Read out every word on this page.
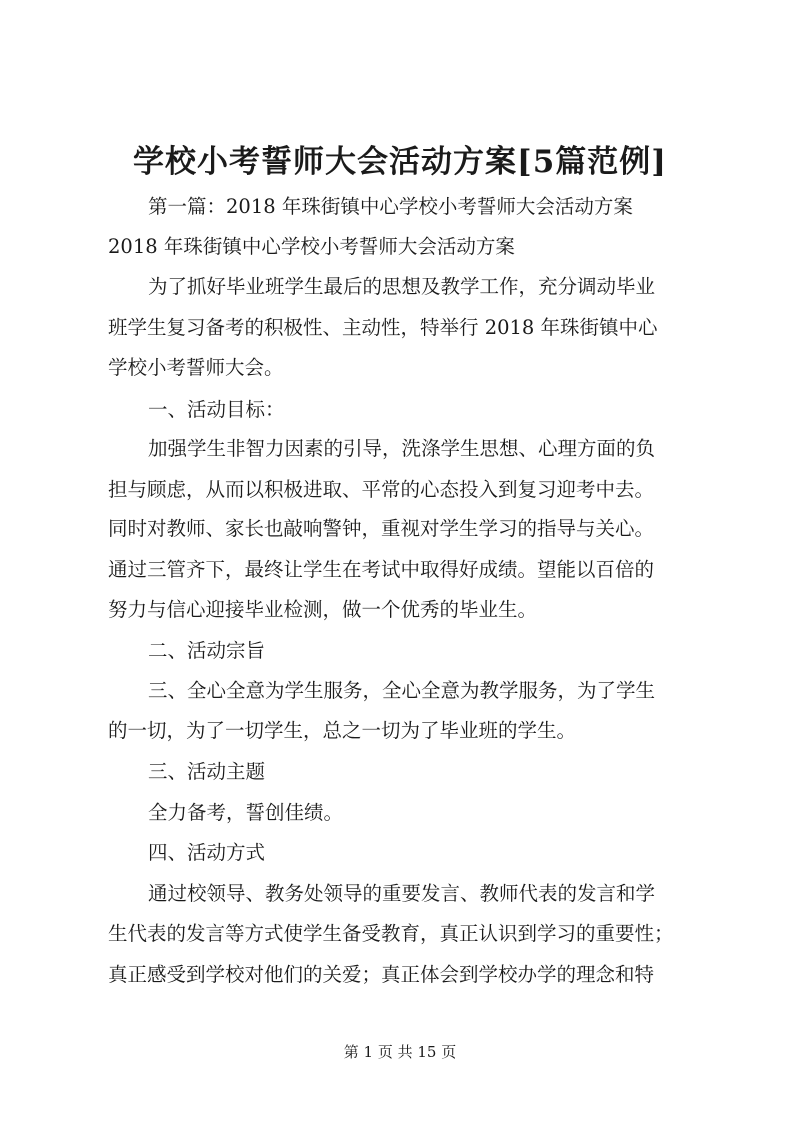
学校小考誓师大会活动方案[5篇范例]
第一篇：2018 年珠街镇中心学校小考誓师大会活动方案
2018 年珠街镇中心学校小考誓师大会活动方案
为了抓好毕业班学生最后的思想及教学工作，充分调动毕业
班学生复习备考的积极性、主动性，特举行 2018 年珠街镇中心
学校小考誓师大会。
一、活动目标：
加强学生非智力因素的引导，洗涤学生思想、心理方面的负
担与顾虑，从而以积极进取、平常的心态投入到复习迎考中去。
同时对教师、家长也敲响警钟，重视对学生学习的指导与关心。
通过三管齐下，最终让学生在考试中取得好成绩。望能以百倍的
努力与信心迎接毕业检测，做一个优秀的毕业生。
二、活动宗旨
三、全心全意为学生服务，全心全意为教学服务，为了学生
的一切，为了一切学生，总之一切为了毕业班的学生。
三、活动主题
全力备考，誓创佳绩。
四、活动方式
通过校领导、教务处领导的重要发言、教师代表的发言和学
生代表的发言等方式使学生备受教育，真正认识到学习的重要性；
真正感受到学校对他们的关爱；真正体会到学校办学的理念和特
第 1 页 共 15 页
